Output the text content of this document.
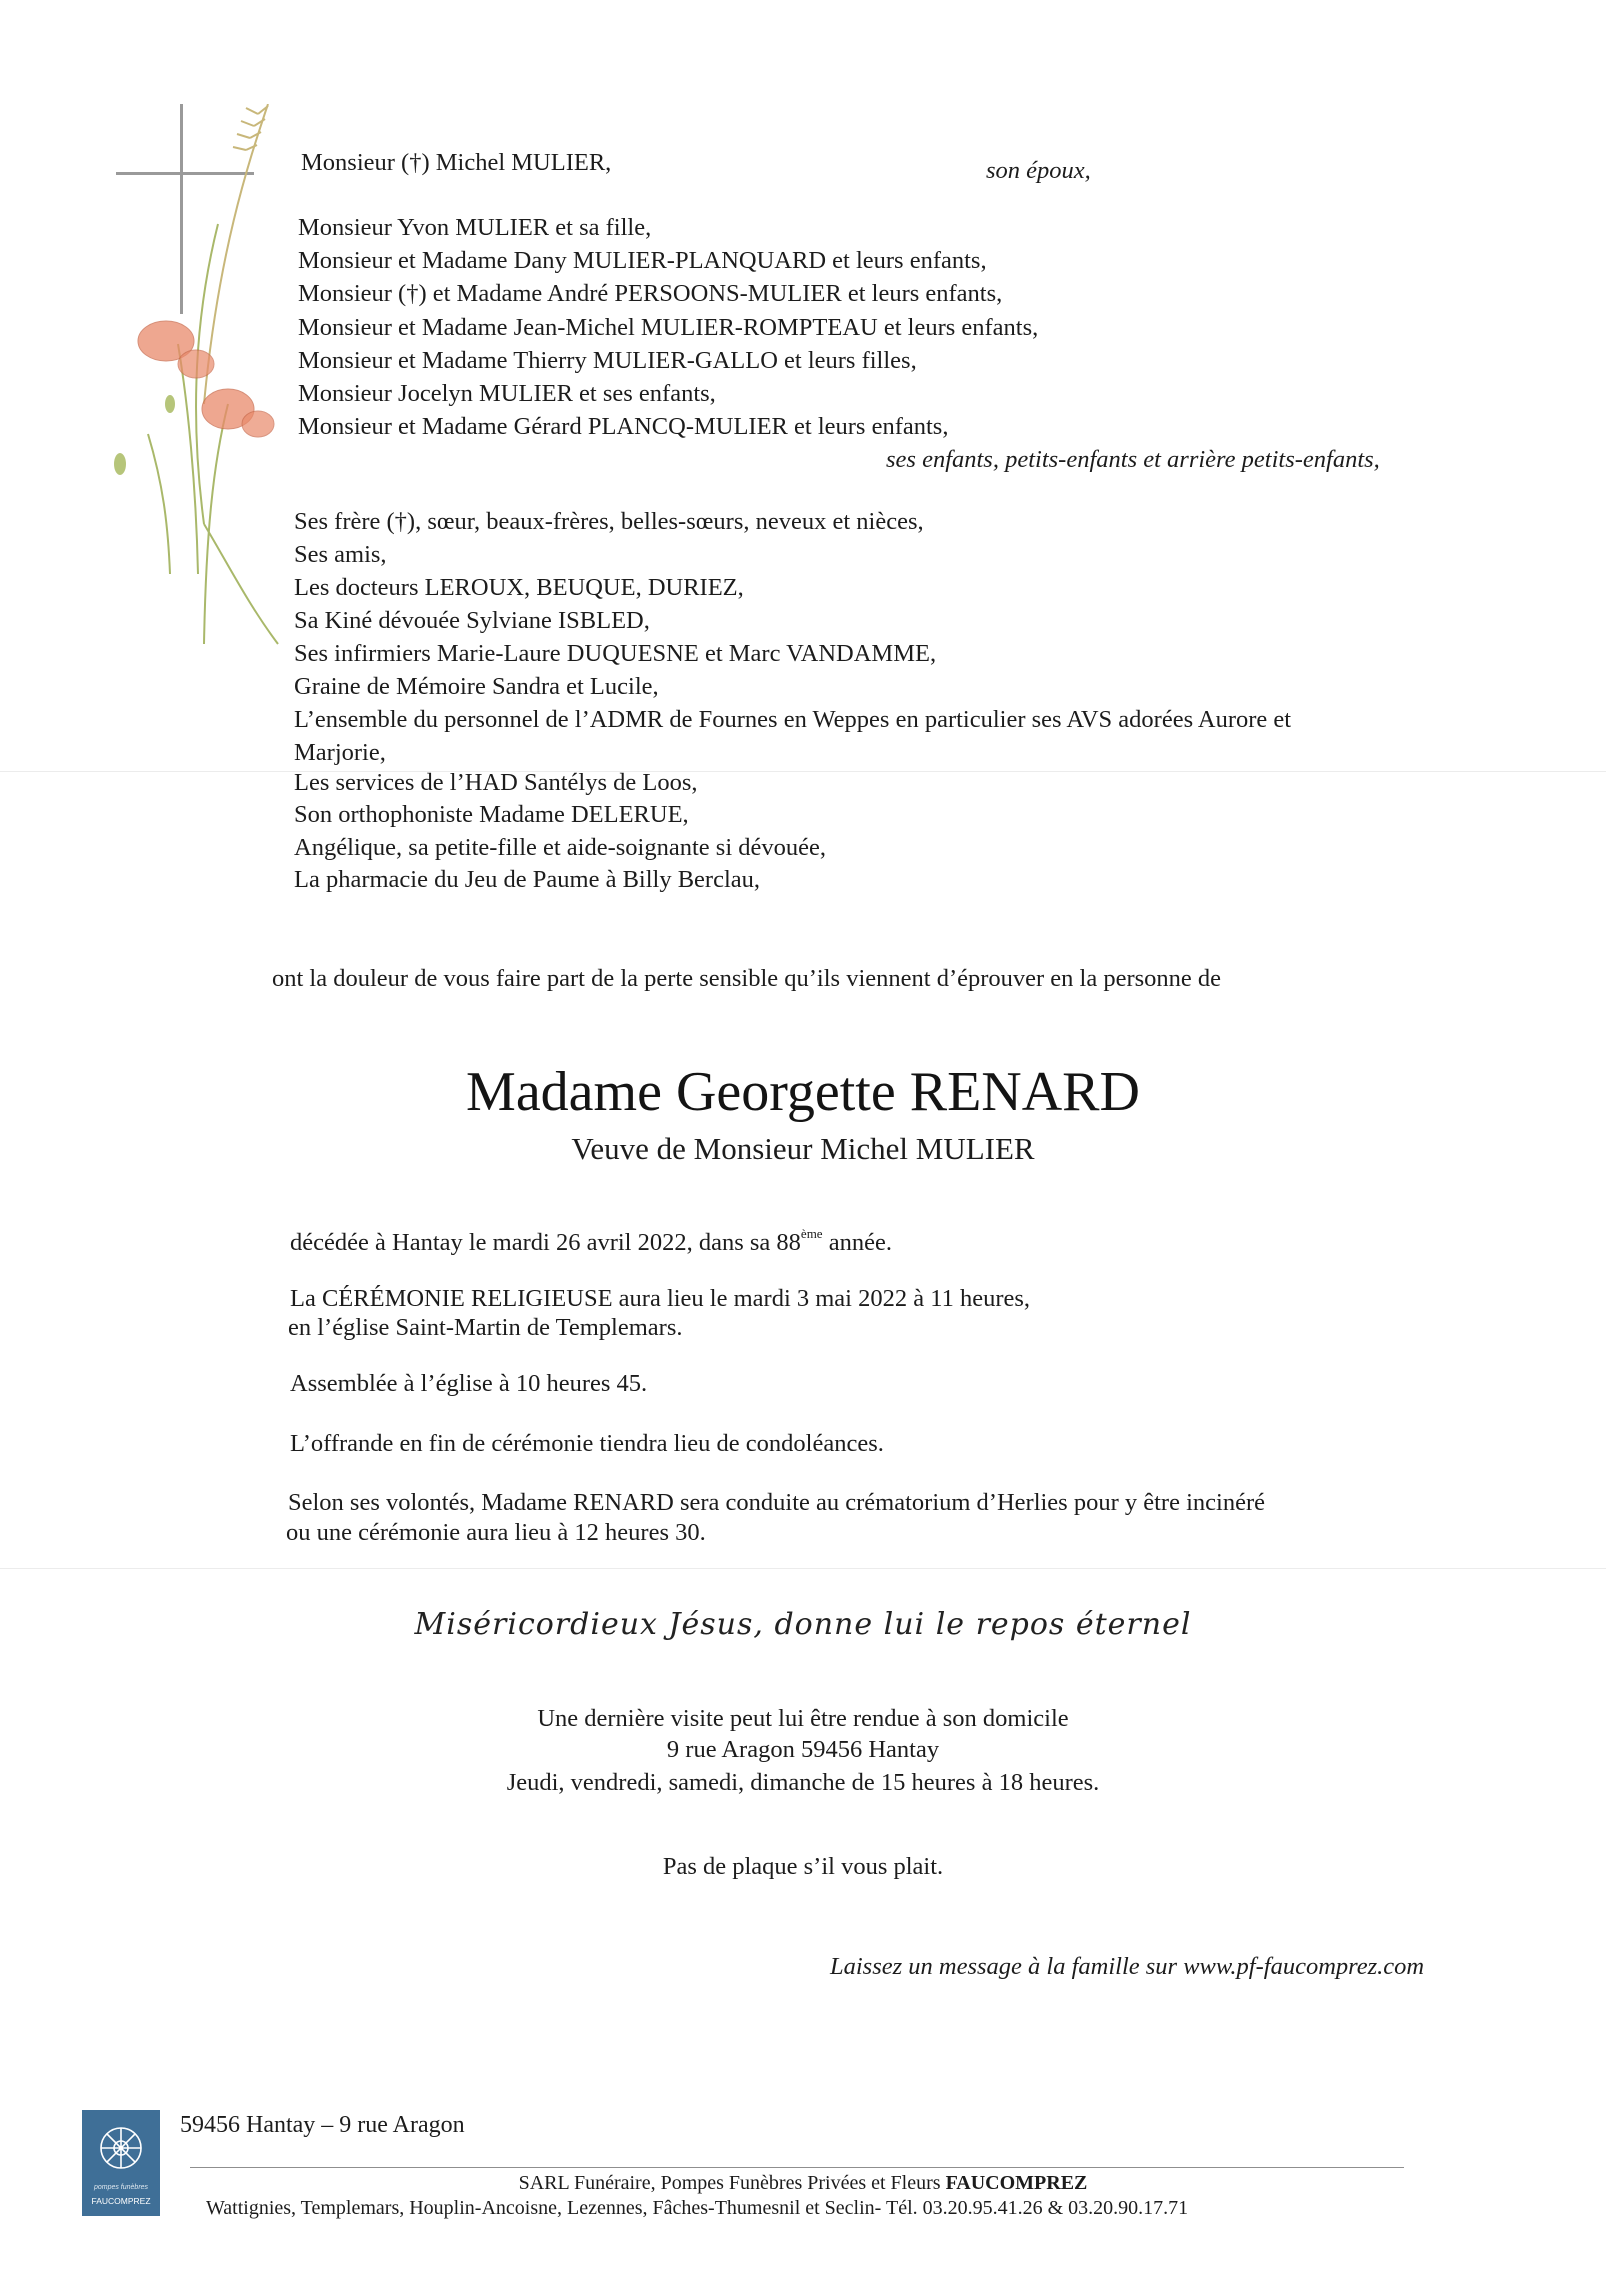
Monsieur (†) Michel MULIER,	son époux,
Monsieur Yvon MULIER et sa fille,
Monsieur et Madame Dany MULIER-PLANQUARD et leurs enfants,
Monsieur (†) et Madame André PERSOONS-MULIER et leurs enfants,
Monsieur et Madame Jean-Michel MULIER-ROMPTEAU et leurs enfants,
Monsieur et Madame Thierry MULIER-GALLO et leurs filles,
Monsieur Jocelyn MULIER et ses enfants,
Monsieur et Madame Gérard PLANCQ-MULIER et leurs enfants,
ses enfants, petits-enfants et arrière petits-enfants,
Ses frère (†), sœur, beaux-frères, belles-sœurs, neveux et nièces,
Ses amis,
Les docteurs LEROUX, BEUQUE, DURIEZ,
Sa Kiné dévouée Sylviane ISBLED,
Ses infirmiers Marie-Laure DUQUESNE et Marc VANDAMME,
Graine de Mémoire Sandra et Lucile,
L’ensemble du personnel de l’ADMR de Fournes en Weppes en particulier ses AVS adorées Aurore et
Marjorie,
Les services de l’HAD Santélys de Loos,
Son orthophoniste Madame DELERUE,
Angélique, sa petite-fille et aide-soignante si dévouée,
La pharmacie du Jeu de Paume à Billy Berclau,
ont la douleur de vous faire part de la perte sensible qu’ils viennent d’éprouver en la personne de
Madame Georgette RENARD
Veuve de Monsieur Michel MULIER
décédée à Hantay le mardi 26 avril 2022, dans sa 88ème année.
La CÉRÉMONIE RELIGIEUSE aura lieu le mardi 3 mai 2022 à 11 heures,
en l’église Saint-Martin de Templemars.
Assemblée à l’église à 10 heures 45.
L’offrande en fin de cérémonie tiendra lieu de condoléances.
Selon ses volontés, Madame RENARD sera conduite au crématorium d’Herlies pour y être incinéré
ou une cérémonie aura lieu à 12 heures 30.
Miséricordieux Jésus, donne lui le repos éternel
Une dernière visite peut lui être rendue à son domicile
9 rue Aragon 59456 Hantay
Jeudi, vendredi, samedi, dimanche de 15 heures à 18 heures.
Pas de plaque s’il vous plait.
Laissez un message à la famille sur www.pf-faucomprez.com
pompes funèbres
FAUCOMPREZ
59456 Hantay – 9 rue Aragon
SARL Funéraire, Pompes Funèbres Privées et Fleurs FAUCOMPREZ
Wattignies, Templemars, Houplin-Ancoisne, Lezennes, Fâches-Thumesnil et Seclin- Tél. 03.20.95.41.26 & 03.20.90.17.71
